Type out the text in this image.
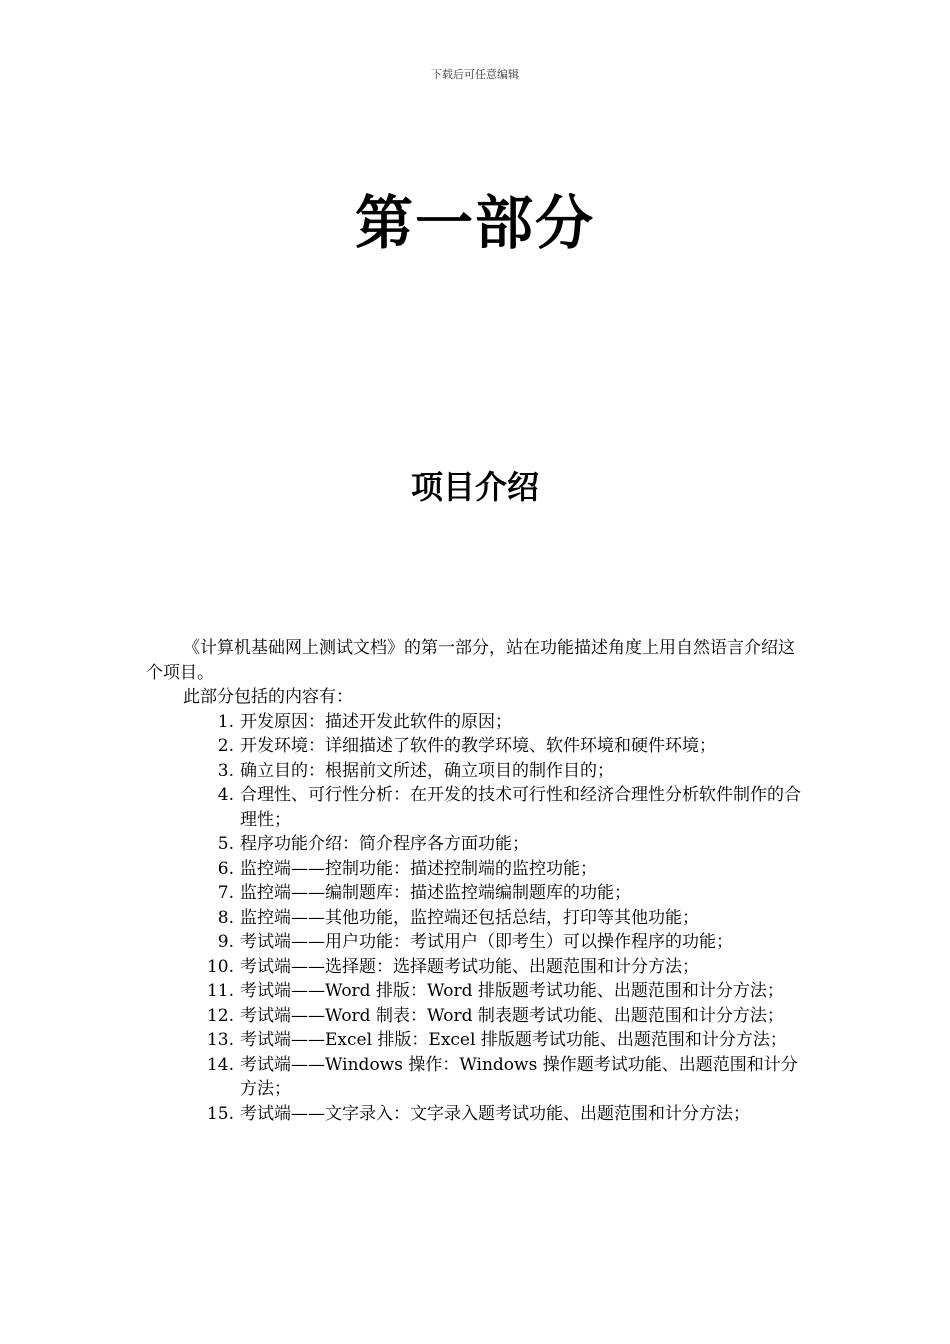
下载后可任意编辑
第一部分
项目介绍

《计算机基础网上测试文档》的第一部分，站在功能描述角度上用自然语言介绍这个项目。

此部分包括的内容有：

1. 开发原因：描述开发此软件的原因；
2. 开发环境：详细描述了软件的教学环境、软件环境和硬件环境；
3. 确立目的：根据前文所述，确立项目的制作目的；
4. 合理性、可行性分析：在开发的技术可行性和经济合理性分析软件制作的合理性；
5. 程序功能介绍：简介程序各方面功能；
6. 监控端——控制功能：描述控制端的监控功能；
7. 监控端——编制题库：描述监控端编制题库的功能；
8. 监控端——其他功能，监控端还包括总结，打印等其他功能；
9. 考试端——用户功能：考试用户（即考生）可以操作程序的功能；
10. 考试端——选择题：选择题考试功能、出题范围和计分方法；
11. 考试端——Word 排版：Word 排版题考试功能、出题范围和计分方法；
12. 考试端——Word 制表：Word 制表题考试功能、出题范围和计分方法；
13. 考试端——Excel 排版：Excel 排版题考试功能、出题范围和计分方法；
14. 考试端——Windows 操作：Windows 操作题考试功能、出题范围和计分方法；
15. 考试端——文字录入：文字录入题考试功能、出题范围和计分方法；
